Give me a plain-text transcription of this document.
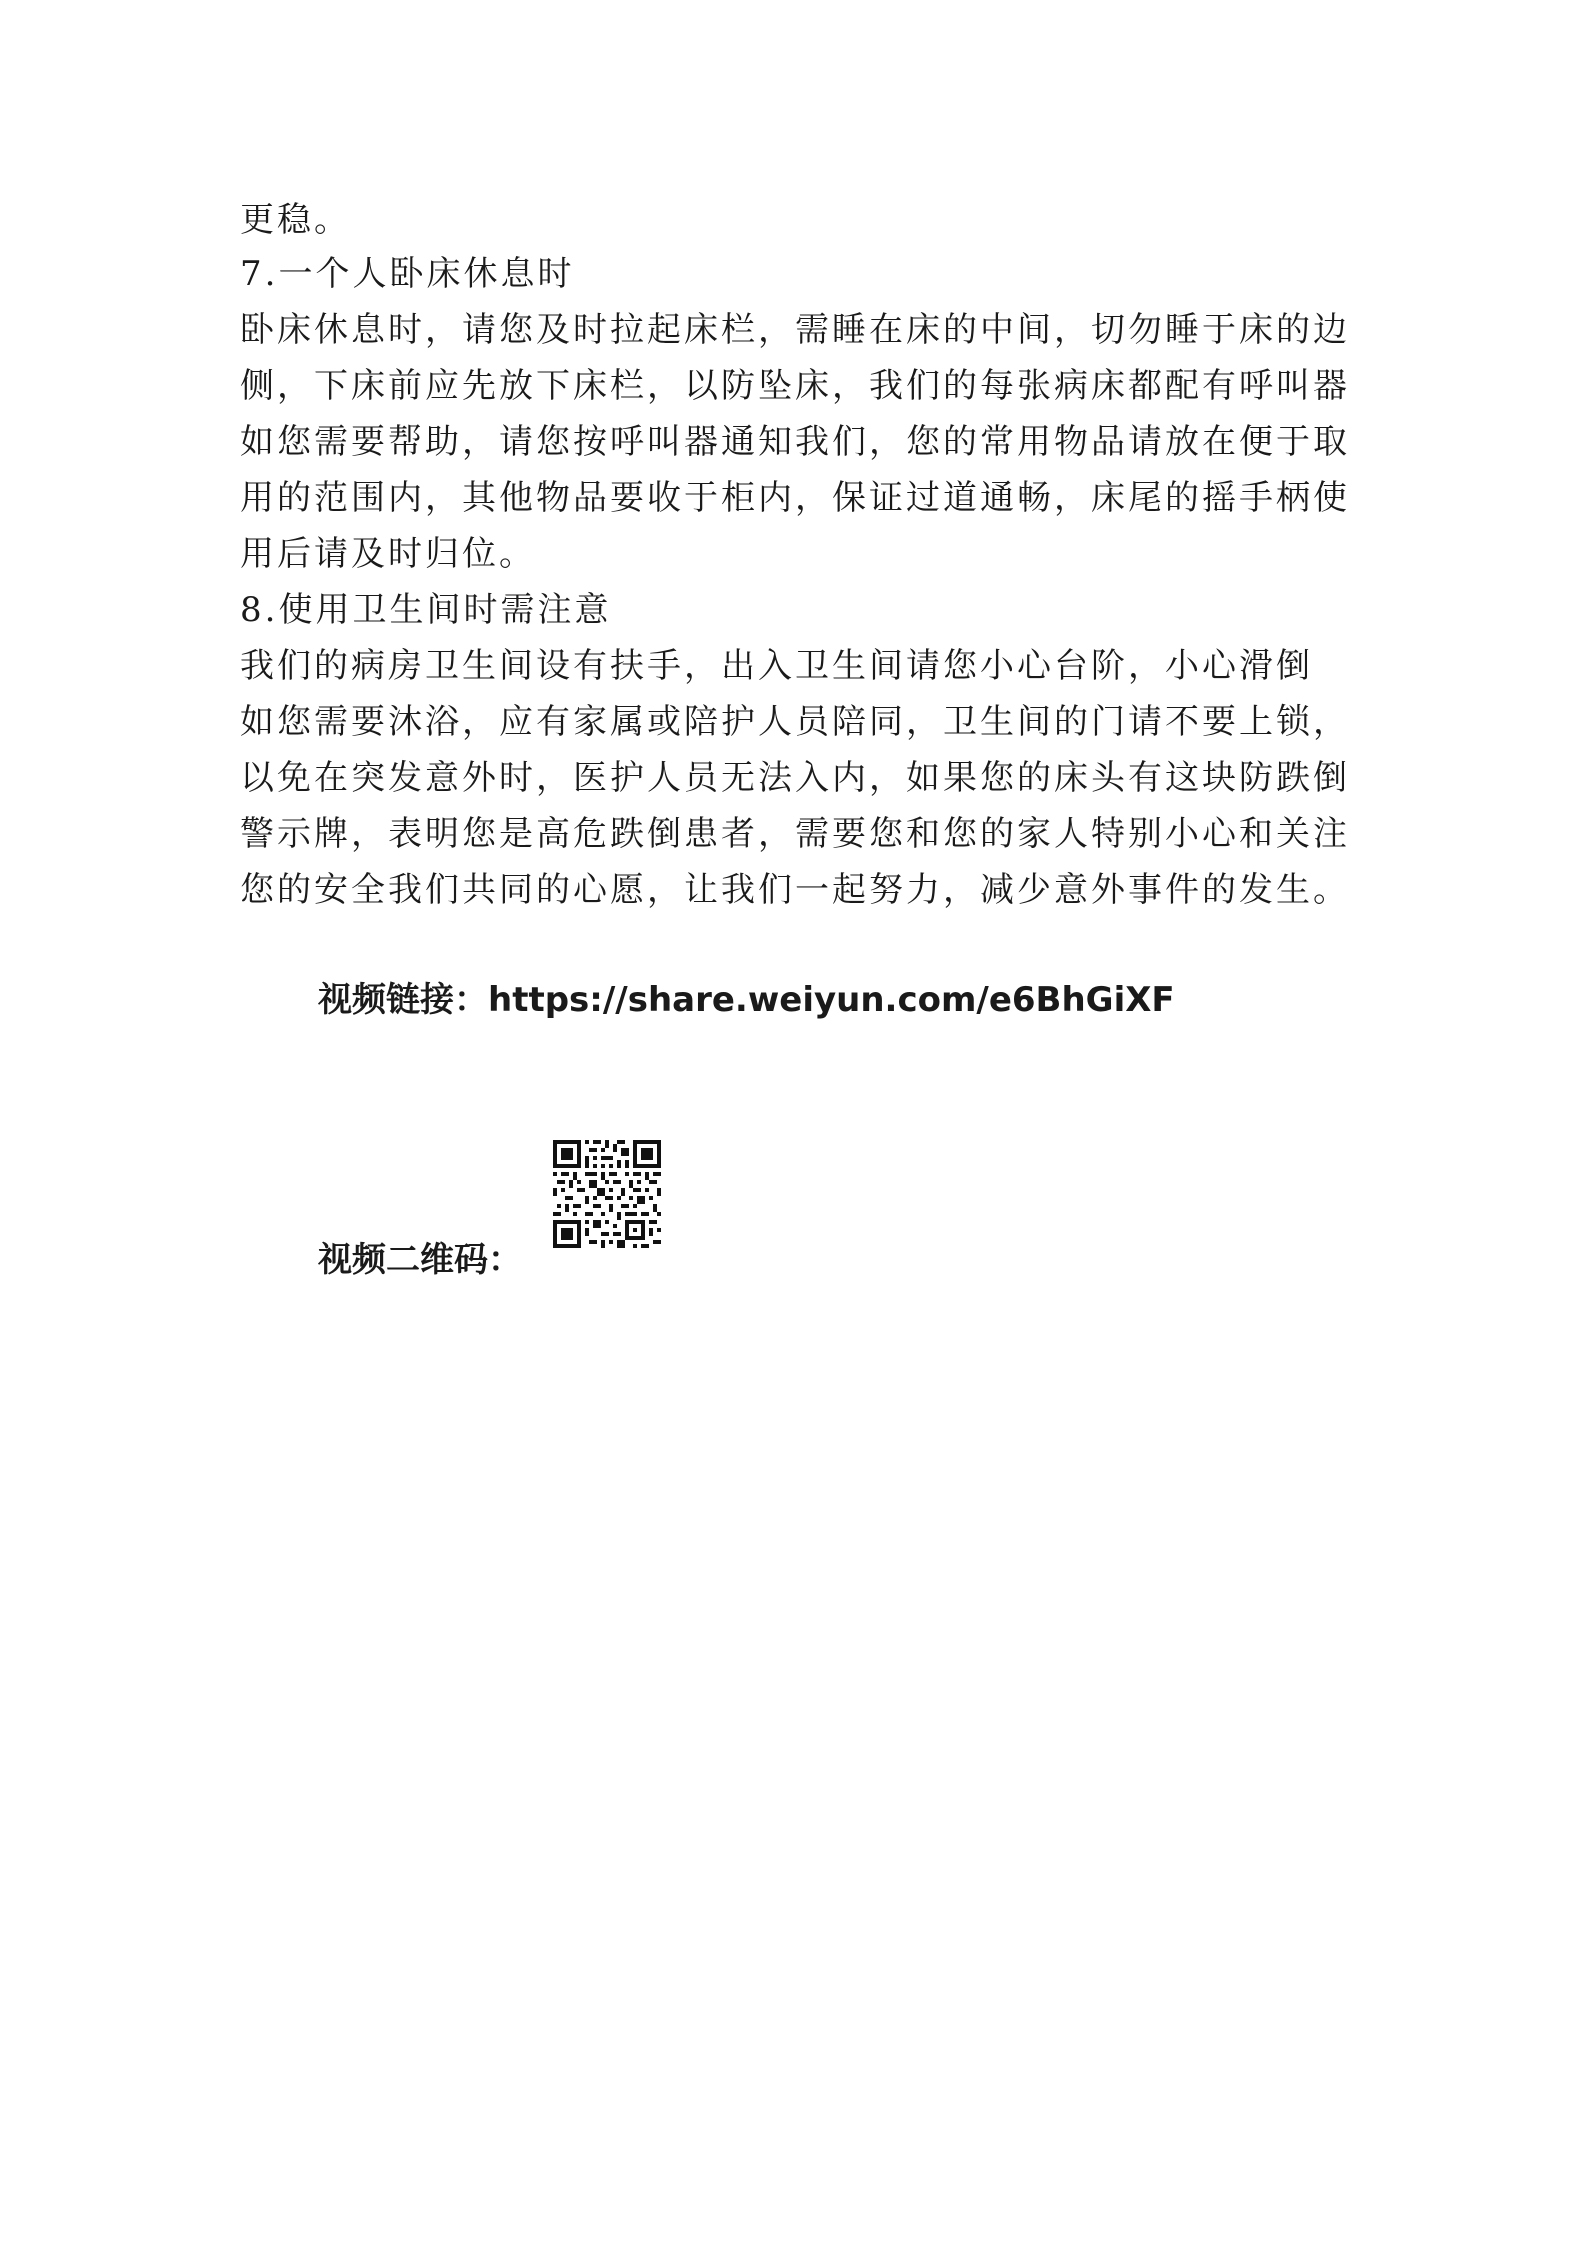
更稳。
7.一个人卧床休息时
卧床休息时，请您及时拉起床栏，需睡在床的中间，切勿睡于床的边
侧，下床前应先放下床栏，以防坠床，我们的每张病床都配有呼叫器
如您需要帮助，请您按呼叫器通知我们，您的常用物品请放在便于取
用的范围内，其他物品要收于柜内，保证过道通畅，床尾的摇手柄使
用后请及时归位。
8.使用卫生间时需注意
我们的病房卫生间设有扶手，出入卫生间请您小心台阶，小心滑倒
如您需要沐浴，应有家属或陪护人员陪同，卫生间的门请不要上锁，
以免在突发意外时，医护人员无法入内，如果您的床头有这块防跌倒
警示牌，表明您是高危跌倒患者，需要您和您的家人特别小心和关注
您的安全我们共同的心愿，让我们一起努力，减少意外事件的发生。
视频链接：https://share.weiyun.com/e6BhGiXF
视频二维码：
